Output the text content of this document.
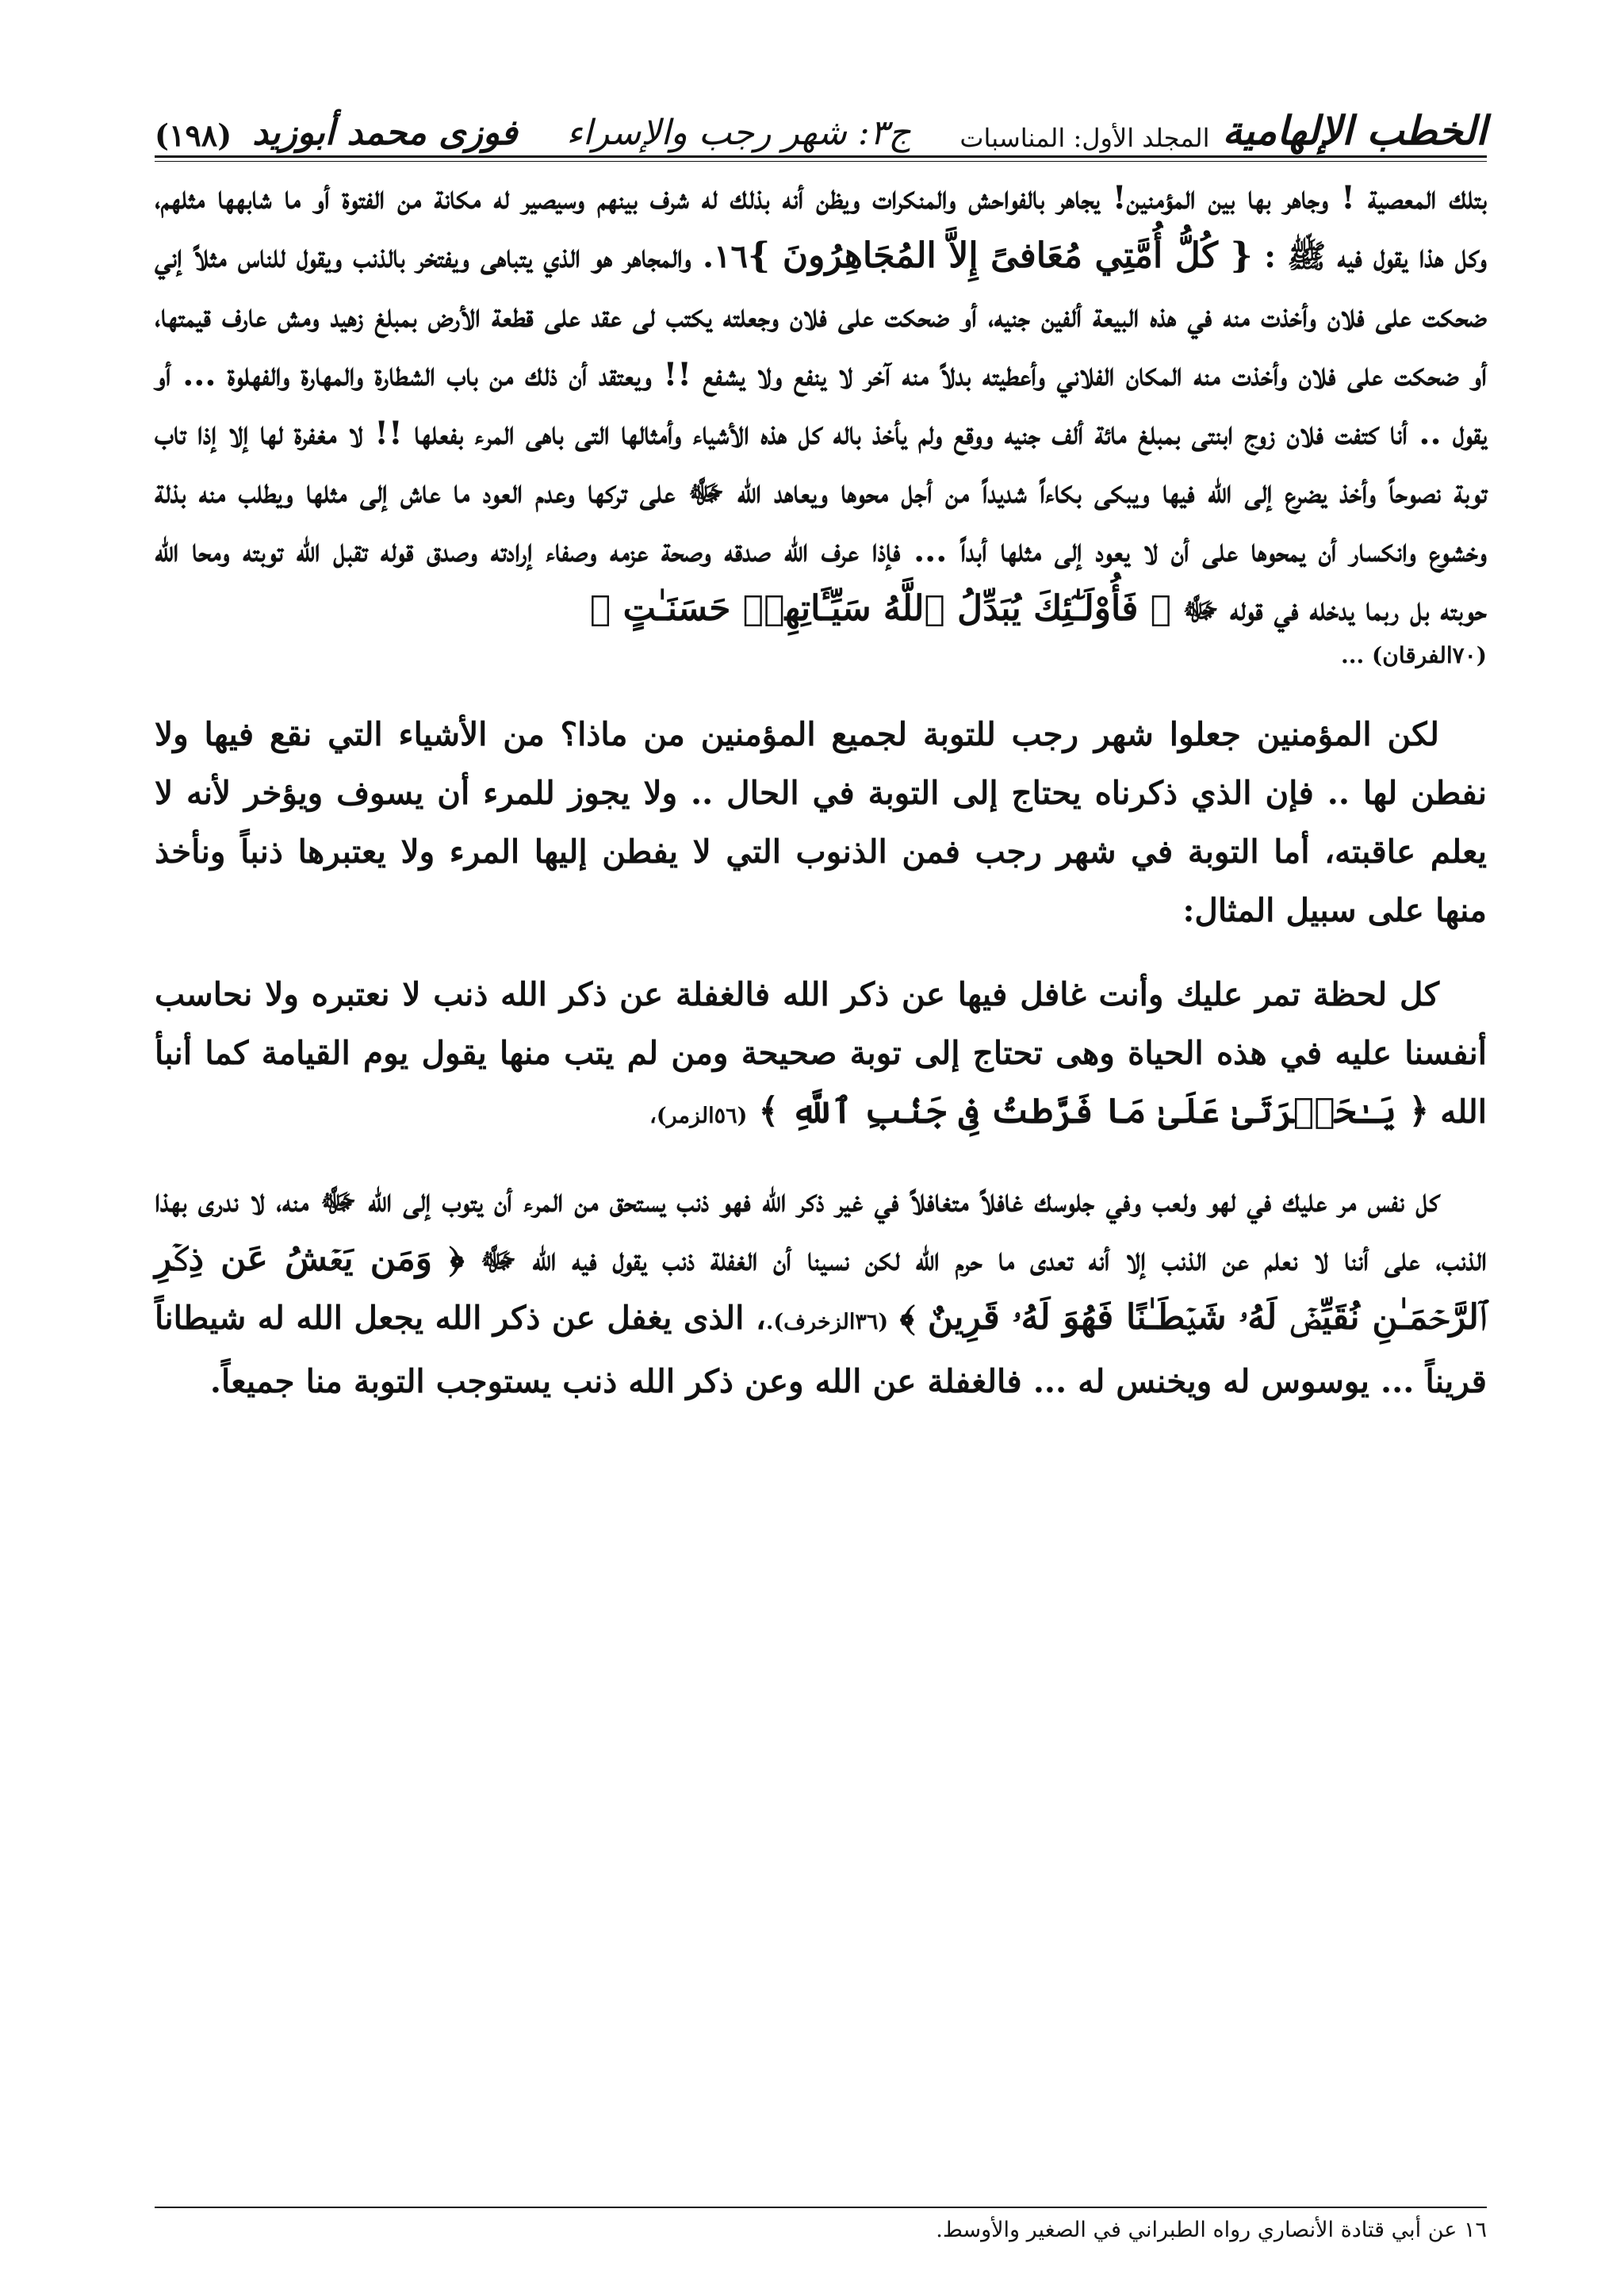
الخطب الإلهامية
المجلد الأول: المناسبات
ج٣: شهر رجب والإسراء
فوزى محمد أبوزيد
(١٩٨)

بتلك المعصية ! وجاهر بها بين المؤمنين! يجاهر بالفواحش والمنكرات ويظن أنه بذلك له شرف بينهم وسيصير له مكانة من الفتوة أو ما شابهها مثلهم، وكل هذا يقول فيه ﷺ : { كُلُّ أُمَّتِي مُعَافىً إِلاَّ المُجَاهِرُونَ }١٦. والمجاهر هو الذي يتباهى ويفتخر بالذنب ويقول للناس مثلاً إني ضحكت على فلان وأخذت منه في هذه البيعة ألفين جنيه، أو ضحكت على فلان وجعلته يكتب لى عقد على قطعة الأرض بمبلغ زهيد ومش عارف قيمتها، أو ضحكت على فلان وأخذت منه المكان الفلاني وأعطيته بدلاً منه آخر لا ينفع ولا يشفع !! ويعتقد أن ذلك من باب الشطارة والمهارة والفهلوة ... أو يقول .. أنا كتفت فلان زوج ابنتى بمبلغ مائة ألف جنيه ووقع ولم يأخذ باله كل هذه الأشياء وأمثالها التى باهى المرء بفعلها !! لا مغفرة لها إلا إذا تاب توبة نصوحاً وأخذ يضرع إلى الله فيها ويبكى بكاءاً شديداً من أجل محوها ويعاهد الله ﷻ على تركها وعدم العود ما عاش إلى مثلها ويطلب منه بذلة وخشوع وانكسار أن يمحوها على أن لا يعود إلى مثلها أبداً ... فإذا عرف الله صدقه وصحة عزمه وصفاء إرادته وصدق قوله تقبل الله توبته ومحا الله حوبته بل ربما يدخله في قوله ﷻ ﴿ فَأُوْلَـٰٓئِكَ يُبَدِّلُ ٱللَّهُ سَيِّـَٔاتِهِمۡ حَسَنَـٰتٍ ﴾
(٧٠الفرقان) ...

لكن المؤمنين جعلوا شهر رجب للتوبة لجميع المؤمنين من ماذا؟ من الأشياء التي نقع فيها ولا نفطن لها .. فإن الذي ذكرناه يحتاج إلى التوبة في الحال .. ولا يجوز للمرء أن يسوف ويؤخر لأنه لا يعلم عاقبته، أما التوبة في شهر رجب فمن الذنوب التي لا يفطن إليها المرء ولا يعتبرها ذنباً ونأخذ منها على سبيل المثال:

كل لحظة تمر عليك وأنت غافل فيها عن ذكر الله فالغفلة عن ذكر الله ذنب لا نعتبره ولا نحاسب أنفسنا عليه في هذه الحياة وهى تحتاج إلى توبة صحيحة ومن لم يتب منها يقول يوم القيامة كما أنبأ الله ﴿ يَـٰحَسۡرَتَىٰ عَلَىٰ مَا فَرَّطتُ فِى جَنۢبِ ٱللَّهِ ﴾ (٥٦الزمر)،

كل نفس مر عليك في لهو ولعب وفي جلوسك غافلاً متغافلاً في غير ذكر الله فهو ذنب يستحق من المرء أن يتوب إلى الله ﷻ منه، لا ندرى بهذا الذنب، على أننا لا نعلم عن الذنب إلا أنه تعدى ما حرم الله لكن نسينا أن الغفلة ذنب يقول فيه الله ﷻ ﴿ وَمَن يَعۡشُ عَن ذِكۡرِ ٱلرَّحۡمَـٰنِ نُقَيِّضۡ لَهُۥ شَيۡطَـٰنًا فَهُوَ لَهُۥ قَرِينٌ ﴾ (٣٦الزخرف).، الذى يغفل عن ذكر الله يجعل الله له شيطاناً قريناً ... يوسوس له ويخنس له ... فالغفلة عن الله وعن ذكر الله ذنب يستوجب التوبة منا جميعاً.

١٦ عن أبي قتادة الأنصاري رواه الطبراني في الصغير والأوسط.
